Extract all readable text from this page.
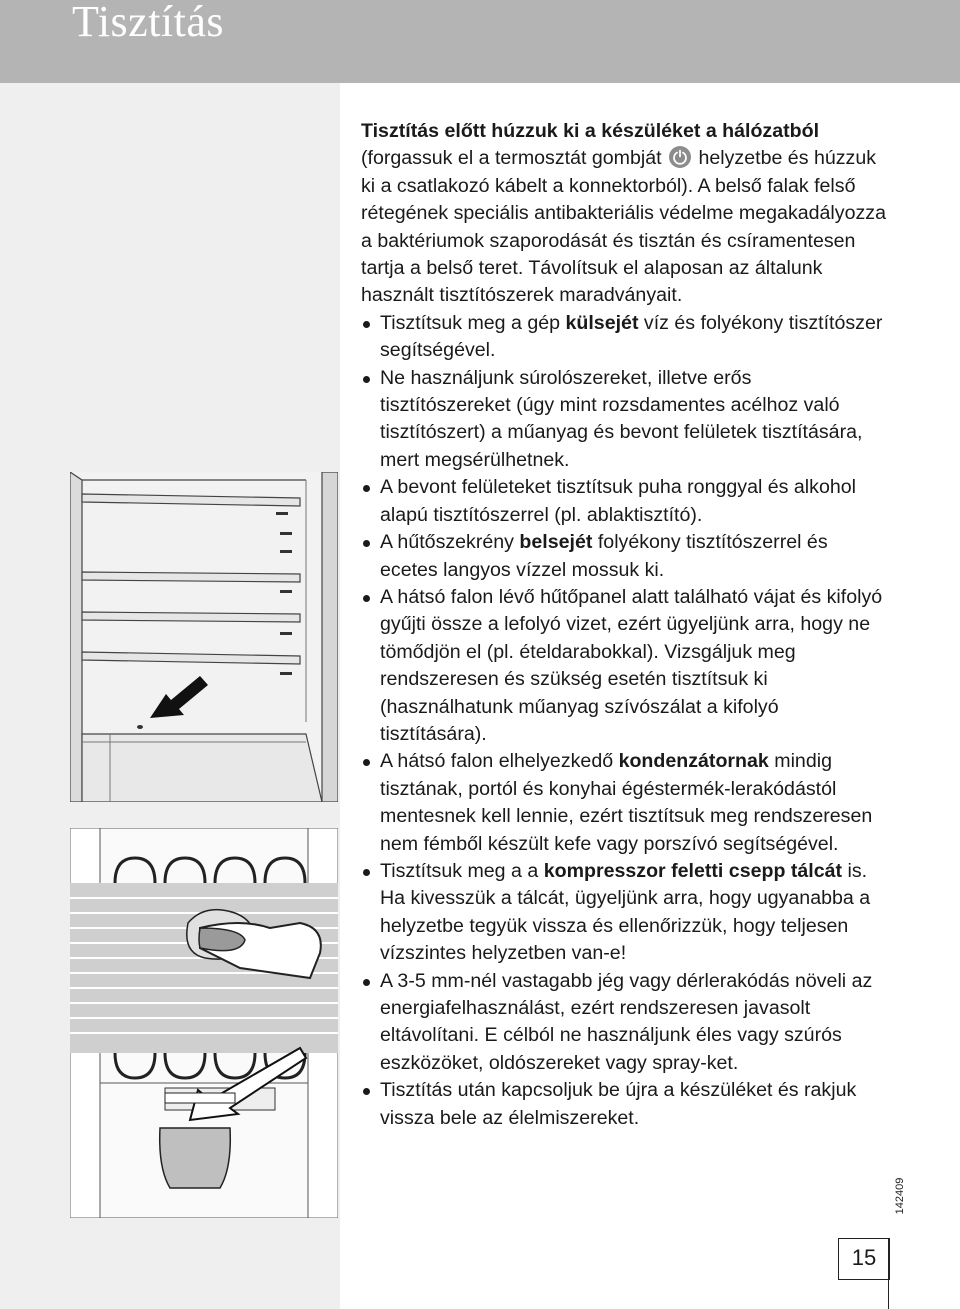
Tisztítás

Tisztítás előtt húzzuk ki a készüléket a hálózatból
(forgassuk el a termosztát gombját helyzetbe és húzzuk ki a csatlakozó kábelt a konnektorból). A belső falak felső rétegének speciális antibakteriális védelme megakadályozza a baktériumok szaporodását és tisztán és csíramentesen tartja a belső teret. Távolítsuk el alaposan az általunk használt tisztítószerek maradványait.

Tisztítsuk meg a gép külsejét víz és folyékony tisztítószer segítségével.
Ne használjunk súrolószereket, illetve erős tisztítószereket (úgy mint rozsdamentes acélhoz való tisztítószert) a műanyag és bevont felületek tisztítására, mert megsérülhetnek.
A bevont felületeket tisztítsuk puha ronggyal és alkohol alapú tisztítószerrel (pl. ablaktisztító).
A hűtőszekrény belsejét folyékony tisztítószerrel és ecetes langyos vízzel mossuk ki.
A hátsó falon lévő hűtőpanel alatt található vájat és kifolyó gyűjti össze a lefolyó vizet, ezért ügyeljünk arra, hogy ne tömődjön el (pl. ételdarabokkal). Vizsgáljuk meg rendszeresen és szükség esetén tisztítsuk ki (használhatunk műanyag szívószálat a kifolyó tisztítására).
A hátsó falon elhelyezkedő kondenzátornak mindig tisztának, portól és konyhai égéstermék-lerakódástól mentesnek kell lennie, ezért tisztítsuk meg rendszeresen nem fémből készült kefe vagy porszívó segítségével.
Tisztítsuk meg a a kompresszor feletti csepp tálcát is. Ha kivesszük a tálcát, ügyeljünk arra, hogy ugyanabba a helyzetbe tegyük vissza és ellenőrizzük, hogy teljesen vízszintes helyzetben van-e!
A 3-5 mm-nél vastagabb jég vagy dérlerakódás növeli az energiafelhasználást, ezért rendszeresen javasolt eltávolítani. E célból ne használjunk éles vagy szúrós eszközöket, oldószereket vagy spray-ket.
Tisztítás után kapcsoljuk be újra a készüléket és rakjuk vissza bele az élelmiszereket.
142409
15
